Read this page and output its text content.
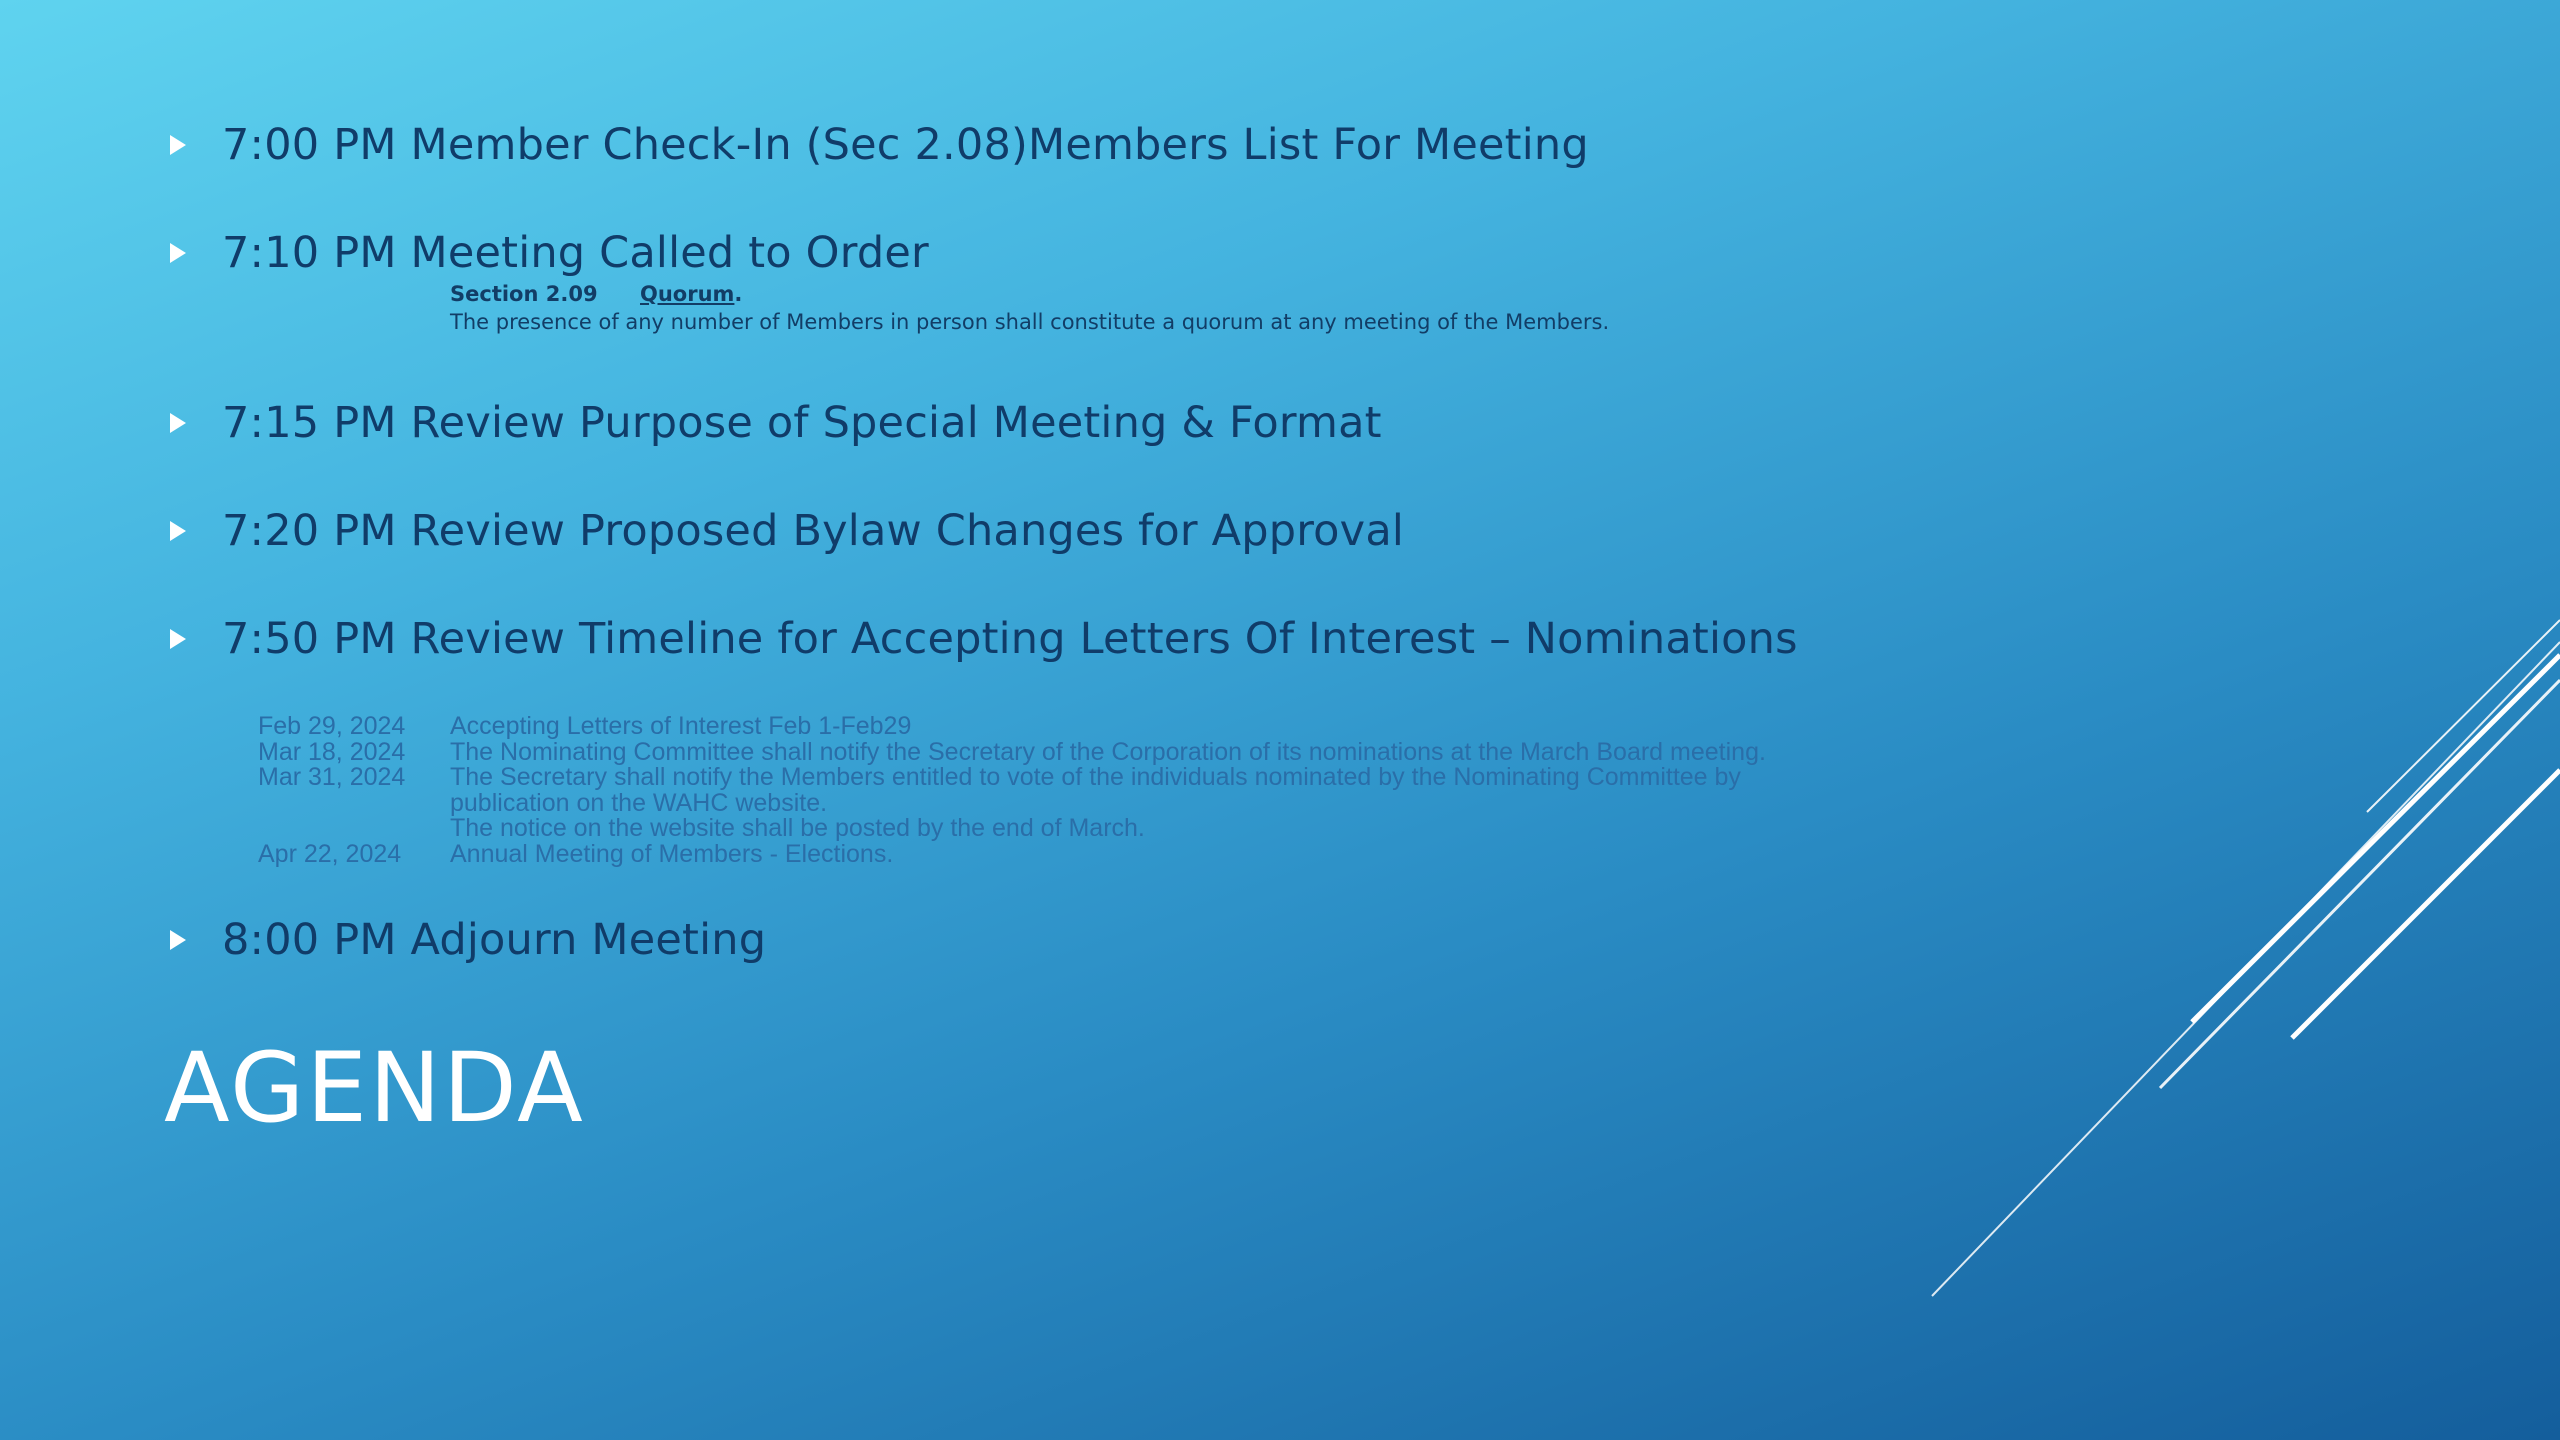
7:00 PM Member Check-In (Sec 2.08)Members List For Meeting
7:10 PM Meeting Called to Order
Section 2.09 Quorum.
The presence of any number of Members in person shall constitute a quorum at any meeting of the Members.
7:15 PM Review Purpose of Special Meeting & Format
7:20 PM Review Proposed Bylaw Changes for Approval
7:50 PM Review Timeline for Accepting Letters Of Interest – Nominations
Feb 29, 2024	Accepting Letters of Interest Feb 1-Feb29
Mar 18, 2024	The Nominating Committee shall notify the Secretary of the Corporation of its nominations at the March Board meeting.
Mar 31, 2024	The Secretary shall notify the Members entitled to vote of the individuals nominated by the Nominating Committee by
publication on the WAHC website.
The notice on the website shall be posted by the end of March.
Apr 22, 2024	Annual Meeting of Members - Elections.
8:00 PM Adjourn Meeting
AGENDA
